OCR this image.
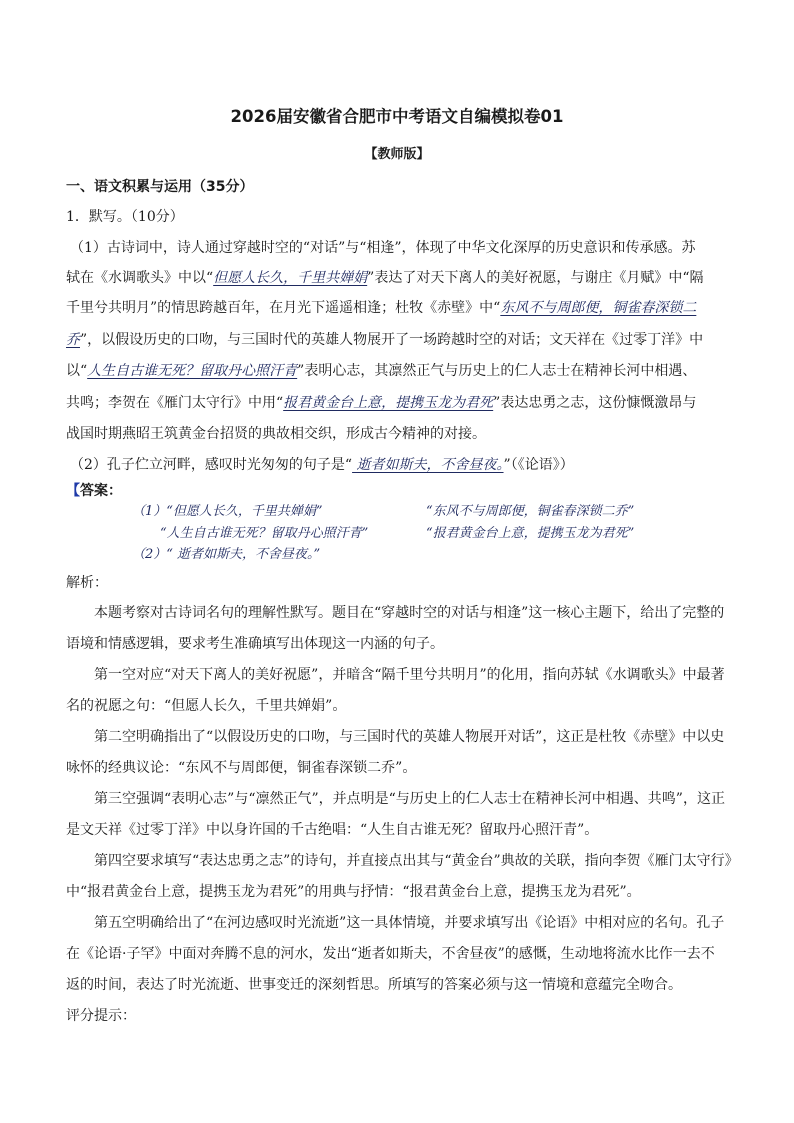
2026届安徽省合肥市中考语文自编模拟卷01
【教师版】
一、语文积累与运用（35分）
1．默写。（10分）
（1）古诗词中，诗人通过穿越时空的“对话”与“相逢”，体现了中华文化深厚的历史意识和传承感。苏
轼在《水调歌头》中以“但愿人长久，千里共婵娟”表达了对天下离人的美好祝愿，与谢庄《月赋》中“隔
千里兮共明月”的情思跨越百年，在月光下遥遥相逢；杜牧《赤壁》中“东风不与周郎便，铜雀春深锁二
乔”，以假设历史的口吻，与三国时代的英雄人物展开了一场跨越时空的对话；文天祥在《过零丁洋》中
以“人生自古谁无死？留取丹心照汗青”表明心志，其凛然正气与历史上的仁人志士在精神长河中相遇、
共鸣；李贺在《雁门太守行》中用“报君黄金台上意，提携玉龙为君死”表达忠勇之志，这份慷慨激昂与
战国时期燕昭王筑黄金台招贤的典故相交织，形成古今精神的对接。
（2）孔子伫立河畔，感叹时光匆匆的句子是“ 逝者如斯夫，不舍昼夜。”（《论语》）
【答案：
（1）“但愿人长久，千里共婵娟”	“东风不与周郎便，铜雀春深锁二乔”
“人生自古谁无死？留取丹心照汗青”	“报君黄金台上意，提携玉龙为君死”
（2）“ 逝者如斯夫，不舍昼夜。”
解析：
本题考察对古诗词名句的理解性默写。题目在“穿越时空的对话与相逢”这一核心主题下，给出了完整的
语境和情感逻辑，要求考生准确填写出体现这一内涵的句子。
第一空对应“对天下离人的美好祝愿”，并暗含“隔千里兮共明月”的化用，指向苏轼《水调歌头》中最著
名的祝愿之句：“但愿人长久，千里共婵娟”。
第二空明确指出了“以假设历史的口吻，与三国时代的英雄人物展开对话”，这正是杜牧《赤壁》中以史
咏怀的经典议论：“东风不与周郎便，铜雀春深锁二乔”。
第三空强调“表明心志”与“凛然正气”，并点明是“与历史上的仁人志士在精神长河中相遇、共鸣”，这正
是文天祥《过零丁洋》中以身许国的千古绝唱：“人生自古谁无死？留取丹心照汗青”。
第四空要求填写“表达忠勇之志”的诗句，并直接点出其与“黄金台”典故的关联，指向李贺《雁门太守行》
中“报君黄金台上意，提携玉龙为君死”的用典与抒情：“报君黄金台上意，提携玉龙为君死”。
第五空明确给出了“在河边感叹时光流逝”这一具体情境，并要求填写出《论语》中相对应的名句。孔子
在《论语·子罕》中面对奔腾不息的河水，发出“逝者如斯夫，不舍昼夜”的感慨，生动地将流水比作一去不
返的时间，表达了时光流逝、世事变迁的深刻哲思。所填写的答案必须与这一情境和意蕴完全吻合。
评分提示：
